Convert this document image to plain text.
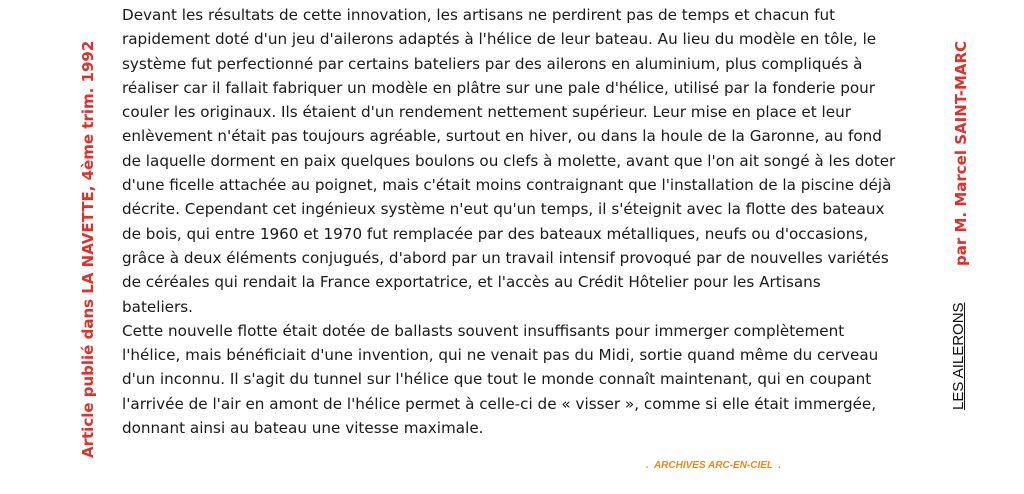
Devant les résultats de cette innovation, les artisans ne perdirent pas de temps et chacun fut
rapidement doté d'un jeu d'ailerons adaptés à l'hélice de leur bateau. Au lieu du modèle en tôle, le
système fut perfectionné par certains bateliers par des ailerons en aluminium, plus compliqués à
réaliser car il fallait fabriquer un modèle en plâtre sur une pale d'hélice, utilisé par la fonderie pour
couler les originaux. Ils étaient d'un rendement nettement supérieur. Leur mise en place et leur
enlèvement n'était pas toujours agréable, surtout en hiver, ou dans la houle de la Garonne, au fond
de laquelle dorment en paix quelques boulons ou clefs à molette, avant que l'on ait songé à les doter
d'une ficelle attachée au poignet, mais c'était moins contraignant que l'installation de la piscine déjà
décrite. Cependant cet ingénieux système n'eut qu'un temps, il s'éteignit avec la flotte des bateaux
de bois, qui entre 1960 et 1970 fut remplacée par des bateaux métalliques, neufs ou d'occasions,
grâce à deux éléments conjugués, d'abord par un travail intensif provoqué par de nouvelles variétés
de céréales qui rendait la France exportatrice, et l'accès au Crédit Hôtelier pour les Artisans
bateliers.
Cette nouvelle flotte était dotée de ballasts souvent insuffisants pour immerger complètement
l'hélice, mais bénéficiait d'une invention, qui ne venait pas du Midi, sortie quand même du cerveau
d'un inconnu. Il s'agit du tunnel sur l'hélice que tout le monde connaît maintenant, qui en coupant
l'arrivée de l'air en amont de l'hélice permet à celle-ci de « visser », comme si elle était immergée,
donnant ainsi au bateau une vitesse maximale.
Article publié dans LA NAVETTE, 4ème trim. 1992	par M. Marcel SAINT-MARC
LES AILERONS
.  ARCHIVES ARC-EN-CIEL  .
